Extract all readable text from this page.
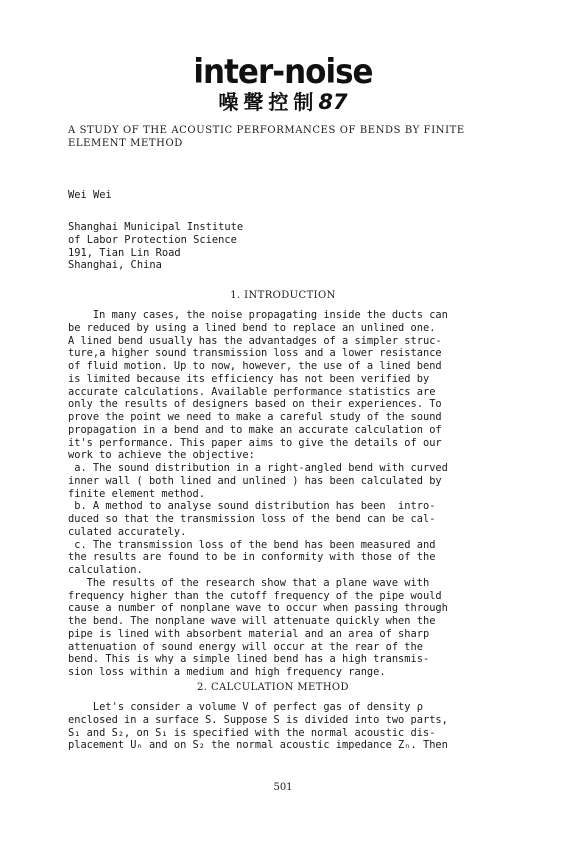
inter-noise
噪聲控制87
A STUDY OF THE ACOUSTIC PERFORMANCES OF BENDS BY FINITE
ELEMENT METHOD
Wei Wei
Shanghai Municipal Institute
of Labor Protection Science
191, Tian Lin Road
Shanghai, China
1. INTRODUCTION

In many cases, the noise propagating inside the ducts can

be reduced by using a lined bend to replace an unlined one.

A lined bend usually has the advantadges of a simpler struc-

ture,a higher sound transmission loss and a lower resistance

of fluid motion. Up to now, however, the use of a lined bend

is limited because its efficiency has not been verified by

accurate calculations. Available performance statistics are

only the results of designers based on their experiences. To

prove the point we need to make a careful study of the sound

propagation in a bend and to make an accurate calculation of

it's performance. This paper aims to give the details of our

work to achieve the objective:

a. The sound distribution in a right-angled bend with curved

inner wall ( both lined and unlined ) has been calculated by

finite element method.

b. A method to analyse sound distribution has been  intro-

duced so that the transmission loss of the bend can be cal-

culated accurately.

c. The transmission loss of the bend has been measured and

the results are found to be in conformity with those of the

calculation.

The results of the research show that a plane wave with

frequency higher than the cutoff frequency of the pipe would

cause a number of nonplane wave to occur when passing through

the bend. The nonplane wave will attenuate quickly when the

pipe is lined with absorbent material and an area of sharp

attenuation of sound energy will occur at the rear of the

bend. This is why a simple lined bend has a high transmis-

sion loss within a medium and high frequency range.

2. CALCULATION METHOD

Let's consider a volume V of perfect gas of density ρ

enclosed in a surface S. Suppose S is divided into two parts,

S₁ and S₂, on S₁ is specified with the normal acoustic dis-

placement Uₙ and on S₂ the normal acoustic impedance Zₙ. Then

501
